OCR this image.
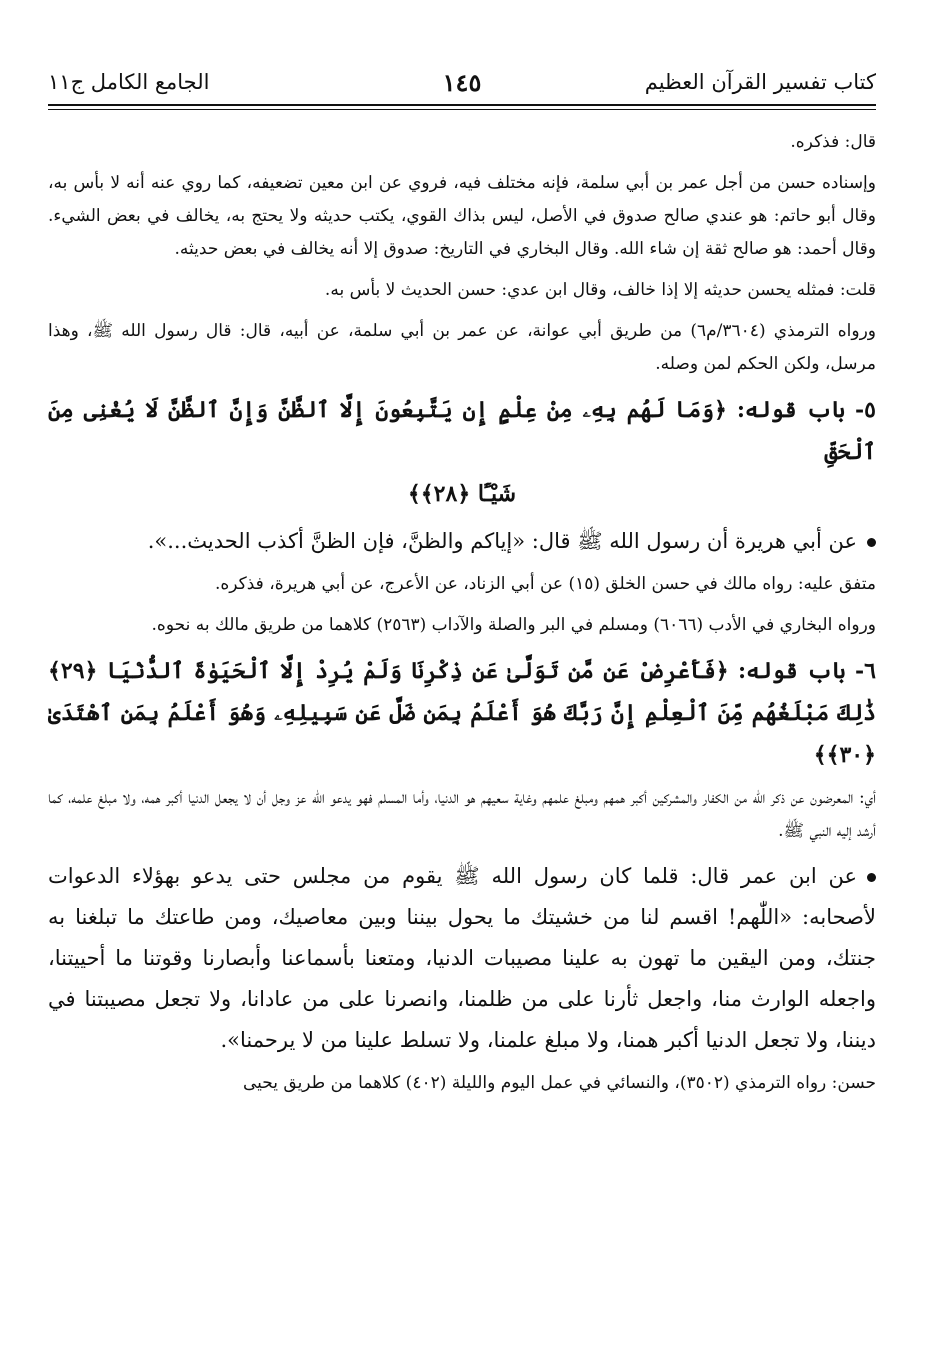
كتاب تفسير القرآن العظيم
١٤٥
الجامع الكامل ج١١

قال: فذكره.

وإسناده حسن من أجل عمر بن أبي سلمة، فإنه مختلف فيه، فروي عن ابن معين تضعيفه، كما روي عنه أنه لا بأس به، وقال أبو حاتم: هو عندي صالح صدوق في الأصل، ليس بذاك القوي، يكتب حديثه ولا يحتج به، يخالف في بعض الشيء. وقال أحمد: هو صالح ثقة إن شاء الله. وقال البخاري في التاريخ: صدوق إلا أنه يخالف في بعض حديثه.

قلت: فمثله يحسن حديثه إلا إذا خالف، وقال ابن عدي: حسن الحديث لا بأس به.

ورواه الترمذي (٣٦٠٤/م٦) من طريق أبي عوانة، عن عمر بن أبي سلمة، عن أبيه، قال: قال رسول الله ﷺ، وهذا مرسل، ولكن الحكم لمن وصله.

٥- باب قوله: ﴿وَمَا لَهُم بِهِۦ مِنْ عِلْمٍ إِن يَتَّبِعُونَ إِلَّا ٱلظَّنَّ وَإِنَّ ٱلظَّنَّ لَا يُغْنِى مِنَ ٱلْحَقِّ
شَيْـًٔا ﴿٢٨﴾﴾

عن أبي هريرة أن رسول الله ﷺ قال: «إياكم والظنَّ، فإن الظنَّ أكذب الحديث...».

متفق عليه: رواه مالك في حسن الخلق (١٥) عن أبي الزناد، عن الأعرج، عن أبي هريرة، فذكره.

ورواه البخاري في الأدب (٦٠٦٦) ومسلم في البر والصلة والآداب (٢٥٦٣) كلاهما من طريق مالك به نحوه.

٦- باب قوله: ﴿فَأَعْرِضْ عَن مَّن تَوَلَّىٰ عَن ذِكْرِنَا وَلَمْ يُرِدْ إِلَّا ٱلْحَيَوٰةَ ٱلدُّنْيَا ﴿٢٩﴾ ذَٰلِكَ مَبْلَغُهُم مِّنَ ٱلْعِلْمِ إِنَّ رَبَّكَ هُوَ أَعْلَمُ بِمَن ضَلَّ عَن سَبِيلِهِۦ وَهُوَ أَعْلَمُ بِمَنِ ٱهْتَدَىٰ ﴿٣٠﴾﴾

أي: المعرضون عن ذكر الله من الكفار والمشركين أكبر همهم ومبلغ علمهم وغاية سعيهم هو الدنيا، وأما المسلم فهو يدعو الله عز وجل أن لا يجعل الدنيا أكبر همه، ولا مبلغ علمه، كما أرشد إليه النبي ﷺ.

عن ابن عمر قال: قلما كان رسول الله ﷺ يقوم من مجلس حتى يدعو بهؤلاء الدعوات لأصحابه: «اللّٰهم! اقسم لنا من خشيتك ما يحول بيننا وبين معاصيك، ومن طاعتك ما تبلغنا به جنتك، ومن اليقين ما تهون به علينا مصيبات الدنيا، ومتعنا بأسماعنا وأبصارنا وقوتنا ما أحييتنا، واجعله الوارث منا، واجعل ثأرنا على من ظلمنا، وانصرنا على من عادانا، ولا تجعل مصيبتنا في ديننا، ولا تجعل الدنيا أكبر همنا، ولا مبلغ علمنا، ولا تسلط علينا من لا يرحمنا».

حسن: رواه الترمذي (٣٥٠٢)، والنسائي في عمل اليوم والليلة (٤٠٢) كلاهما من طريق يحيى
